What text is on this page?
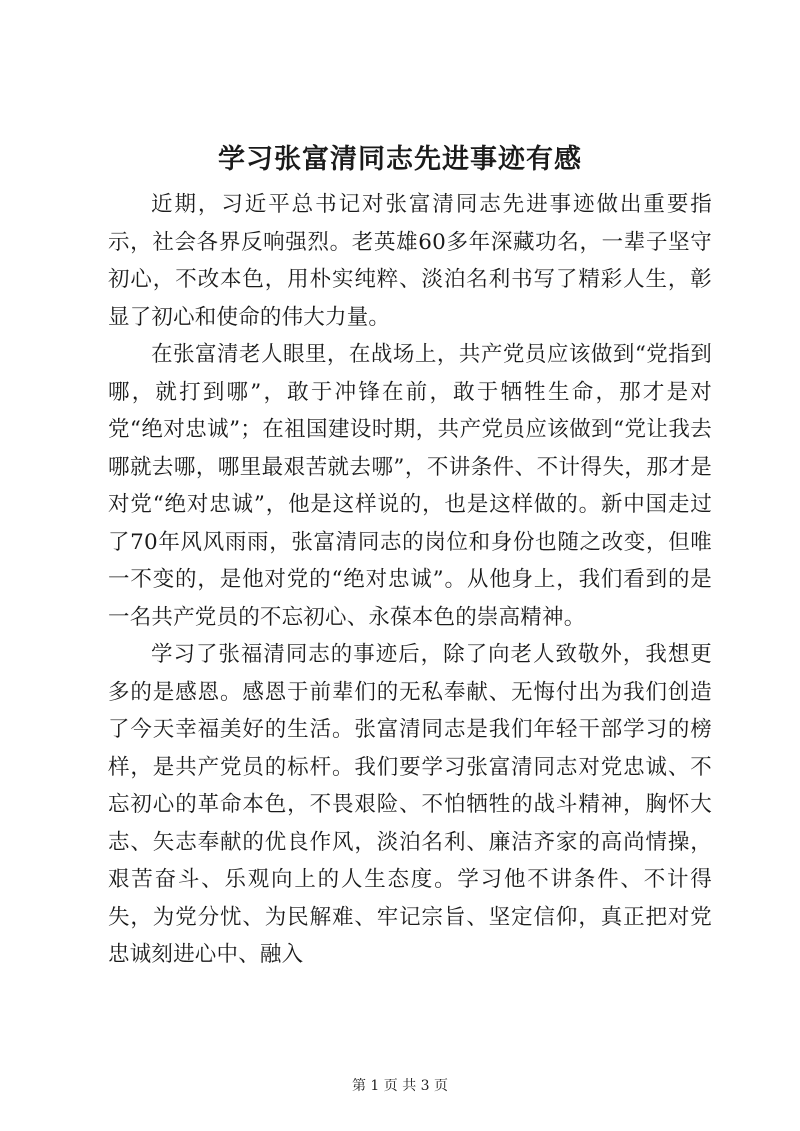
学习张富清同志先进事迹有感

近期，习近平总书记对张富清同志先进事迹做出重要指示，社会各界反响强烈。老英雄60多年深藏功名，一辈子坚守初心，不改本色，用朴实纯粹、淡泊名利书写了精彩人生，彰显了初心和使命的伟大力量。

在张富清老人眼里，在战场上，共产党员应该做到“党指到哪，就打到哪”，敢于冲锋在前，敢于牺牲生命，那才是对党“绝对忠诚”；在祖国建设时期，共产党员应该做到“党让我去哪就去哪，哪里最艰苦就去哪”，不讲条件、不计得失，那才是对党“绝对忠诚”，他是这样说的，也是这样做的。新中国走过了70年风风雨雨，张富清同志的岗位和身份也随之改变，但唯一不变的，是他对党的“绝对忠诚”。从他身上，我们看到的是一名共产党员的不忘初心、永葆本色的崇高精神。

学习了张福清同志的事迹后，除了向老人致敬外，我想更多的是感恩。感恩于前辈们的无私奉献、无悔付出为我们创造了今天幸福美好的生活。张富清同志是我们年轻干部学习的榜样，是共产党员的标杆。我们要学习张富清同志对党忠诚、不忘初心的革命本色，不畏艰险、不怕牺牲的战斗精神，胸怀大志、矢志奉献的优良作风，淡泊名利、廉洁齐家的高尚情操，艰苦奋斗、乐观向上的人生态度。学习他不讲条件、不计得失，为党分忧、为民解难、牢记宗旨、坚定信仰，真正把对党忠诚刻进心中、融入

第 1 页 共 3 页
